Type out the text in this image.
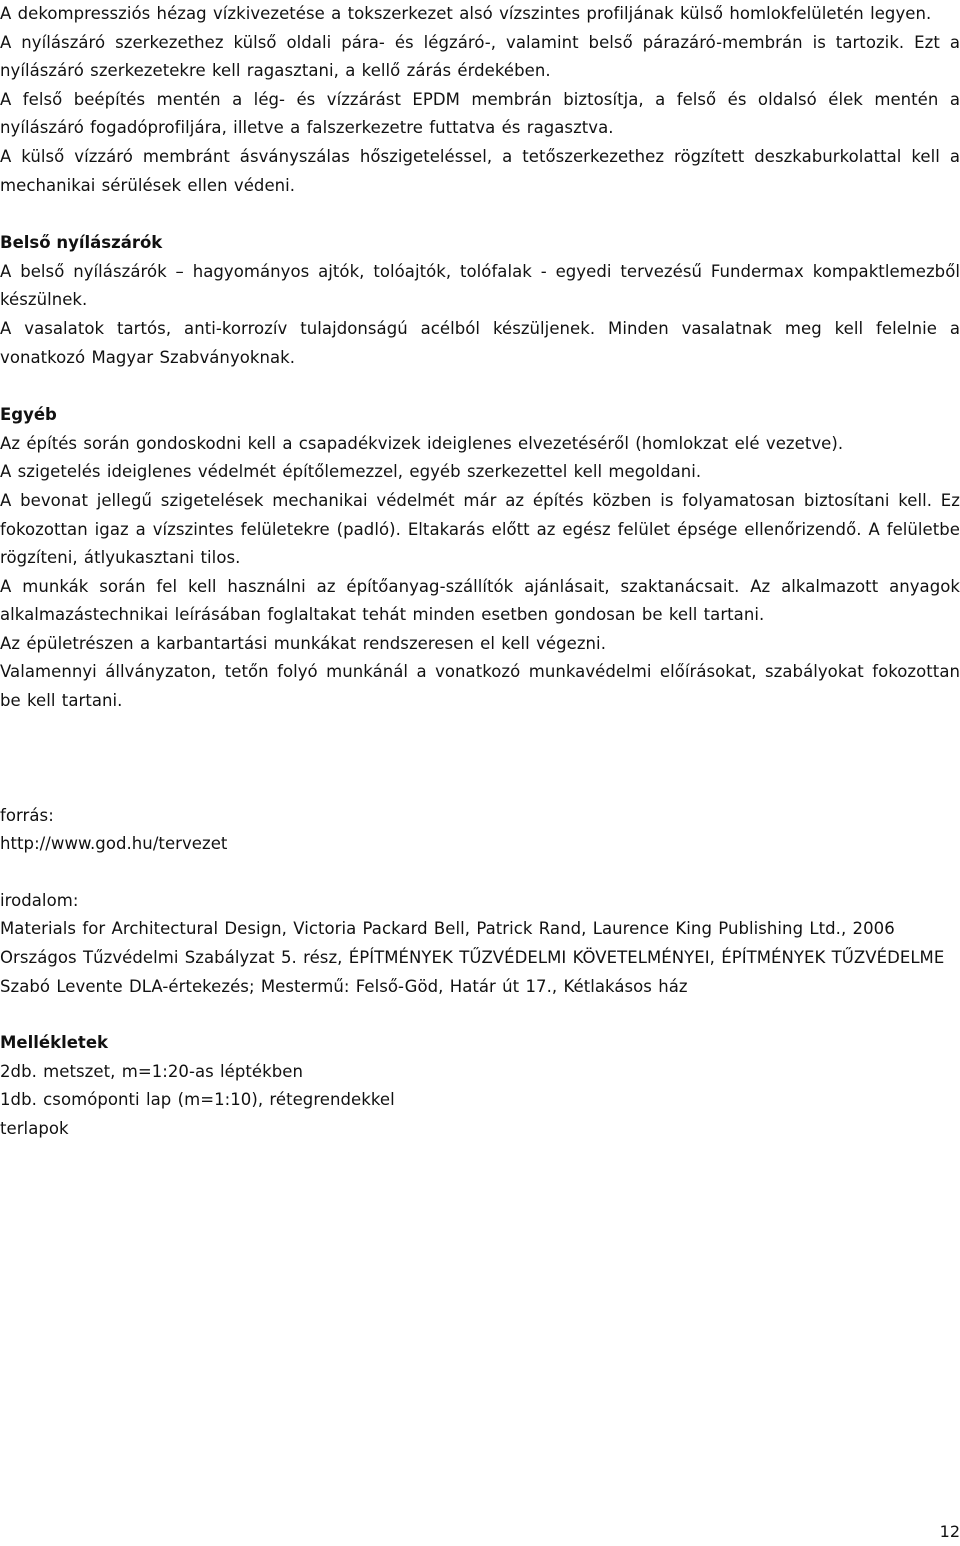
A dekompressziós hézag vízkivezetése a tokszerkezet alsó vízszintes profiljának külső homlokfelületén legyen.

A nyílászáró szerkezethez külső oldali pára- és légzáró-, valamint belső párazáró-membrán is tartozik. Ezt a nyílászáró szerkezetekre kell ragasztani, a kellő zárás érdekében.

A felső beépítés mentén a lég- és vízzárást EPDM membrán biztosítja, a felső és oldalsó élek mentén a nyílászáró fogadóprofiljára, illetve a falszerkezetre futtatva és ragasztva.

A külső vízzáró membránt ásványszálas hőszigeteléssel, a tetőszerkezethez rögzített deszkaburkolattal kell a mechanikai sérülések ellen védeni.

Belső nyílászárók

A belső nyílászárók – hagyományos ajtók, tolóajtók, tolófalak - egyedi tervezésű Fundermax kompaktlemezből készülnek.

A vasalatok tartós, anti-korrozív tulajdonságú acélból készüljenek. Minden vasalatnak meg kell felelnie a vonatkozó Magyar Szabványoknak.

Egyéb

Az építés során gondoskodni kell a csapadékvizek ideiglenes elvezetéséről (homlokzat elé vezetve).

A szigetelés ideiglenes védelmét építőlemezzel, egyéb szerkezettel kell megoldani.

A bevonat jellegű szigetelések mechanikai védelmét már az építés közben is folyamatosan biztosítani kell. Ez fokozottan igaz a vízszintes felületekre (padló). Eltakarás előtt az egész felület épsége ellenőrizendő. A felületbe rögzíteni, átlyukasztani tilos.

A munkák során fel kell használni az építőanyag-szállítók ajánlásait, szaktanácsait. Az alkalmazott anyagok alkalmazástechnikai leírásában foglaltakat tehát minden esetben gondosan be kell tartani.

Az épületrészen a karbantartási munkákat rendszeresen el kell végezni.

Valamennyi állványzaton, tetőn folyó munkánál a vonatkozó munkavédelmi előírásokat, szabályokat fokozottan be kell tartani.

forrás:

http://www.god.hu/tervezet

irodalom:

Materials for Architectural Design, Victoria Packard Bell, Patrick Rand, Laurence King Publishing Ltd., 2006

Országos Tűzvédelmi Szabályzat 5. rész, ÉPÍTMÉNYEK TŰZVÉDELMI KÖVETELMÉNYEI, ÉPÍTMÉNYEK TŰZVÉDELME

Szabó Levente DLA-értekezés; Mestermű: Felső-Göd, Határ út 17., Kétlakásos ház

Mellékletek

2db. metszet, m=1:20-as léptékben

1db. csomóponti lap (m=1:10), rétegrendekkel

terlapok

12
